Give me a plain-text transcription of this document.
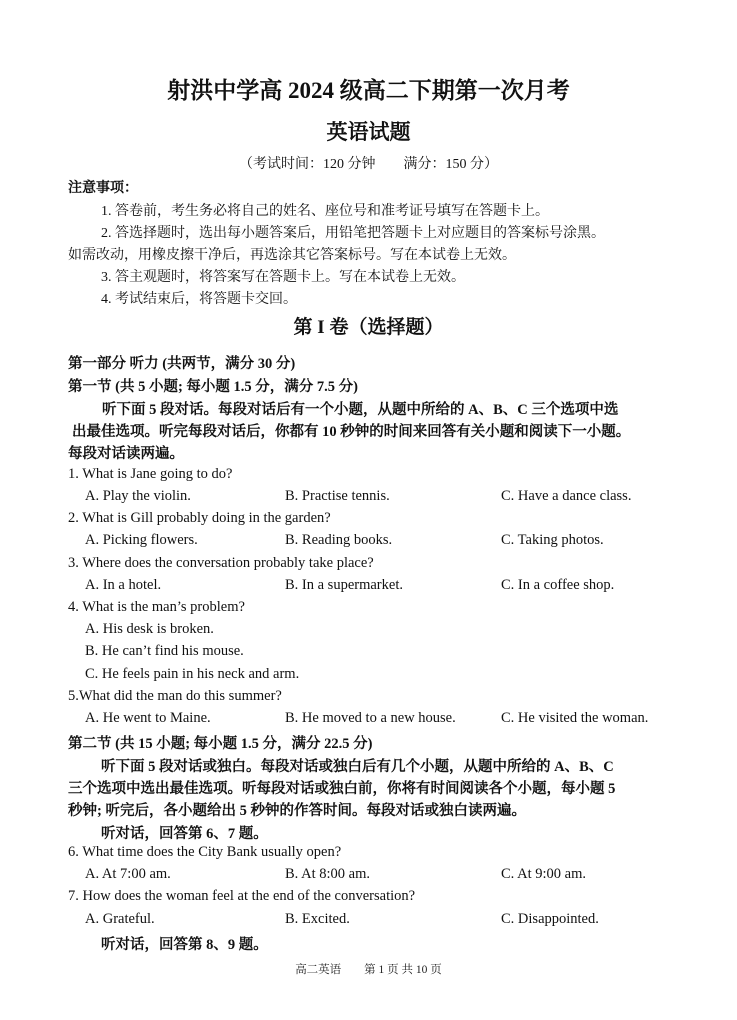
射洪中学高 2024 级高二下期第一次月考
英语试题
（考试时间：120 分钟　　满分：150 分）
注意事项：
1. 答卷前，考生务必将自己的姓名、座位号和准考证号填写在答题卡上。
2. 答选择题时，选出每小题答案后，用铅笔把答题卡上对应题目的答案标号涂黑。
如需改动，用橡皮擦干净后，再选涂其它答案标号。写在本试卷上无效。
3. 答主观题时，将答案写在答题卡上。写在本试卷上无效。
4. 考试结束后，将答题卡交回。
第 I 卷（选择题）
第一部分 听力 (共两节，满分 30 分)
第一节 (共 5 小题; 每小题 1.5 分，满分 7.5 分)
听下面 5 段对话。每段对话后有一个小题，从题中所给的 A、B、C 三个选项中选
出最佳选项。听完每段对话后，你都有 10 秒钟的时间来回答有关小题和阅读下一小题。
每段对话读两遍。
1. What is Jane going to do?
A. Play the violin.	B. Practise tennis.	C. Have a dance class.
2. What is Gill probably doing in the garden?
A. Picking flowers.	B. Reading books.	C. Taking photos.
3. Where does the conversation probably take place?
A. In a hotel.	B. In a supermarket.	C. In a coffee shop.
4. What is the man’s problem?
A. His desk is broken.
B. He can’t find his mouse.
C. He feels pain in his neck and arm.
5.What did the man do this summer?
A. He went to Maine.	B. He moved to a new house.	C. He visited the woman.
第二节 (共 15 小题; 每小题 1.5 分，满分 22.5 分)
听下面 5 段对话或独白。每段对话或独白后有几个小题，从题中所给的 A、B、C
三个选项中选出最佳选项。听每段对话或独白前，你将有时间阅读各个小题，每小题 5
秒钟; 听完后，各小题给出 5 秒钟的作答时间。每段对话或独白读两遍。
听对话，回答第 6、7 题。
6. What time does the City Bank usually open?
A. At 7:00 am.	B. At 8:00 am.	C. At 9:00 am.
7. How does the woman feel at the end of the conversation?
A. Grateful.	B. Excited.	C. Disappointed.
听对话，回答第 8、9 题。
高二英语　　第 1 页 共 10 页
